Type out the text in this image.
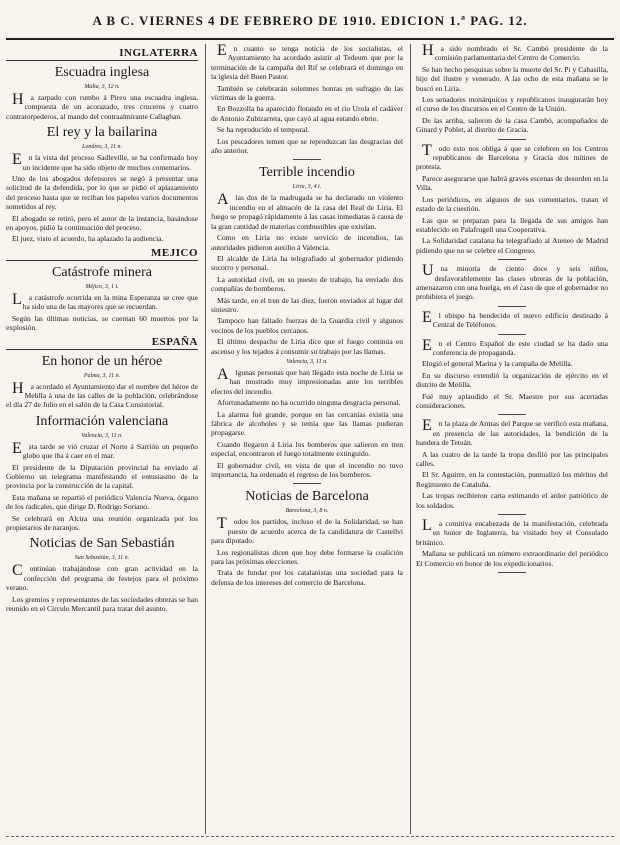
A B C. VIERNES 4 DE FEBRERO DE 1910. EDICION 1.ª PAG. 12.
INGLATERRA
Escuadra inglesa
Malta, 3, 12 n.

Ha zarpado con rumbo á Pireo una escuadra inglesa, compuesta de un acorazado, tres cruceros y cuatro contratorpederos, al mando del contraalmirante Callaghan.

El rey y la bailarina
Londres, 3, 11 n.

En la vista del proceso Sadleville, se ha confirmado hoy un incidente que ha sido objeto de muchos comentarios.

Uno de los abogados defensores se negó á presentar una solicitud de la defendida, por lo que se pidió el aplazamiento del proceso hasta que se reciban los papeles varios documentos sometidos al rey.

El abogado se retiró, pero el autor de la instancia, basándose en apoyos, pidió la continuación del proceso.

El juez, visto el acuerdo, ha aplazado la audiencia.

MEJICO
Catástrofe minera
Méjico, 3, 1 t.

La catástrofe ocurrida en la mina Esperanza se cree que ha sido una de las mayores que se recuerdan.

Según las últimas noticias, se cuentan 60 muertos por la explosión.

ESPAÑA
En honor de un héroe
Palma, 3, 11 n.

Ha acordado el Ayuntamiento dar el nombre del héroe de Melilla á una de las calles de la población, celebrándose el día 27 de Julio en el salón de la Casa Consistorial.

Información valenciana
Valencia, 3, 11 n.

Esta tarde se vió cruzar el Norte á Sarrión un pequeño globo que iba á caer en el mar.

El presidente de la Diputación provincial ha enviado al Gobierno un telegrama manifestando el entusiasmo de la provincia por la construcción de la capital.

Esta mañana se repartió el periódico Valencia Nueva, órgano de los radicales, que dirige D. Rodrigo Soriano.

Se celebrará en Alcira una reunión organizada por los propietarios de naranjos.

Noticias de San Sebastián
San Sebastián, 3, 11 n.

Continúan trabajándose con gran actividad en la confección del programa de festejos para el próximo verano.

Los gremios y representantes de las sociedades obreras se han reunido en el Círculo Mercantil para tratar del asunto.

En cuanto se tenga noticia de los socialistas, el Ayuntamiento ha acordado asistir al Tedeum que por la terminación de la campaña del Rif se celebrará el domingo en la iglesia del Buen Pastor.

También se celebrarán solemnes honras en sufragio de las víctimas de la guerra.

En Bozzolla ha aparecido flotando en el río Urola el cadáver de Antonio Zubizarreta, que cayó al agua estando ebrio.

Se ha reproducido el temporal.

Los pescadores temen que se reproduzcan las desgracias del año anterior.

Terrible incendio
Liria, 3, 4 t.

Alas dos de la madrugada se ha declarado un violento incendio en el almacén de la casa del Real de Liria. El fuego se propagó rápidamente á las casas inmediatas á causa de la gran cantidad de materias combustibles que existían.

Como en Liria no existe servicio de incendios, las autoridades pidieron auxilio á Valencia.

El alcalde de Liria ha telegrafiado al gobernador pidiendo socorro y personal.

La autoridad civil, en su puesto de trabajo, ha enviado dos compañías de bomberos.

Más tarde, en el tren de las diez, fueron enviados al lugar del siniestro.

Tampoco han faltado fuerzas de la Guardia civil y algunos vecinos de los pueblos cercanos.

El último despacho de Liria dice que el fuego continúa en ascenso y los tejados á consumir su trabajo por las llamas.

Valencia, 3, 11 n.

Algunas personas que han llegado esta noche de Liria se han mostrado muy impresionadas ante los terribles efectos del incendio.

Afortunadamente no ha ocurrido ninguna desgracia personal.

La alarma fué grande, porque en las cercanías existía una fábrica de alcoholes y se temía que las llamas pudieran propagarse.

Cuando llegaron á Liria los bomberos que salieron en tren especial, encontraron el fuego totalmente extinguido.

El gobernador civil, en vista de que el incendio no tuvo importancia, ha ordenado el regreso de los bomberos.

Noticias de Barcelona
Barcelona, 3, 8 n.

Todos los partidos, incluso el de la Solidaridad, se han puesto de acuerdo acerca de la candidatura de Castellví para diputado.

Los regionalistas dicen que hoy debe formarse la coalición para las próximas elecciones.

Trata de fundar por los catalanistas una sociedad para la defensa de los intereses del comercio de Barcelona.

Ha sido nombrado el Sr. Cambó presidente de la comisión parlamentaria del Centro de Comercio.

Se han hecho pesquisas sobre la muerte del Sr. Pi y Cabasilla, hijo del ilustre y venerado. A las ocho de esta mañana se le buscó en Liria.

Los senadores monárquicos y republicanos inaugurarán hoy el curso de los discursos en el Centro de la Unión.

De las arriba, salieron de la casa Cambó, acompañados de Ginard y Poblet, al distrito de Gracia.

Todo esto nos obliga á que se celebren en los Centros republicanos de Barcelona y Gracia dos mítines de protesta.

Parece asegurarse que habrá graves escenas de desorden en la Villa.

Los periódicos, en algunos de sus comentarios, tratan el estado de la cuestión.

Las que se preparan para la llegada de sus amigos han establecido en Palafrugell una Cooperativa.

La Solidaridad catalana ha telegrafiado al Ateneo de Madrid pidiendo que no se celebre el Congreso.

Una minoría de ciento doce y seis niños, desfavorablemente las clases obreras de la población, amenazaron con una huelga, en el caso de que el gobernador no prohibiera el juego.

El obispo ha bendecido el nuevo edificio destinado á Central de Teléfonos.

En el Centro Español de este ciudad se ha dado una conferencia de propaganda.

Elogió el general Marina y la campaña de Melilla.

En su discurso extendió la organización de ejército en el distrito de Melilla.

Fué muy aplaudido el Sr. Maestre por sus acertadas consideraciones.

En la plaza de Armas del Parque se verificó esta mañana, en presencia de las autoridades, la bendición de la bandera de Tetuán.

A las cuatro de la tarde la tropa desfiló por las principales calles.

El Sr. Aguirre, en la contestación, puntualizó los méritos del Regimiento de Cataluña.

Las tropas recibieron carta estimando el ardor patriótico de los soldados.

La comitiva encabezada de la manifestación, celebrada en honor de Inglaterra, ha visitado hoy el Consulado británico.

Mañana se publicará un número extraordinario del periódico El Comercio en honor de los expedicionarios.
